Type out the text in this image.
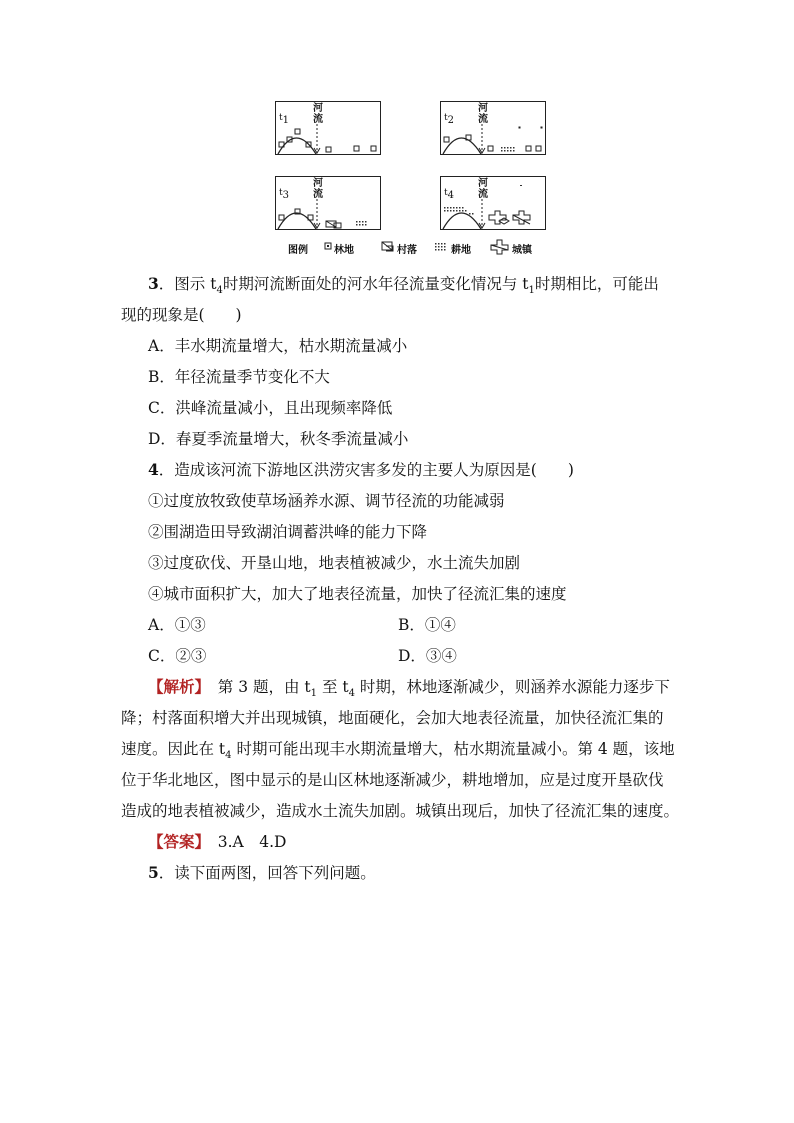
$t_1$
河流	$t_2$
河流
$t_3$
河流	$t_4$
河流
图例	林地	村落	耕地	城镇
3．图示 $t_4$时期河流断面处的河水年径流量变化情况与 $t_1$时期相比，可能出
现的现象是(　　)
A．丰水期流量增大，枯水期流量减小
B．年径流量季节变化不大
C．洪峰流量减小，且出现频率降低
D．春夏季流量增大，秋冬季流量减小
4．造成该河流下游地区洪涝灾害多发的主要人为原因是(　　)
①过度放牧致使草场涵养水源、调节径流的功能减弱
②围湖造田导致湖泊调蓄洪峰的能力下降
③过度砍伐、开垦山地，地表植被减少，水土流失加剧
④城市面积扩大，加大了地表径流量，加快了径流汇集的速度
A．①③	B．①④
C．②③	D．③④
【解析】　第 3 题，由 $t_1$ 至 $t_4$ 时期，林地逐渐减少，则涵养水源能力逐步下
降；村落面积增大并出现城镇，地面硬化，会加大地表径流量，加快径流汇集的
速度。因此在 $t_4$ 时期可能出现丰水期流量增大，枯水期流量减小。第 4 题，该地
位于华北地区，图中显示的是山区林地逐渐减少，耕地增加，应是过度开垦砍伐
造成的地表植被减少，造成水土流失加剧。城镇出现后，加快了径流汇集的速度。
【答案】　3.A　4.D
5．读下面两图，回答下列问题。
